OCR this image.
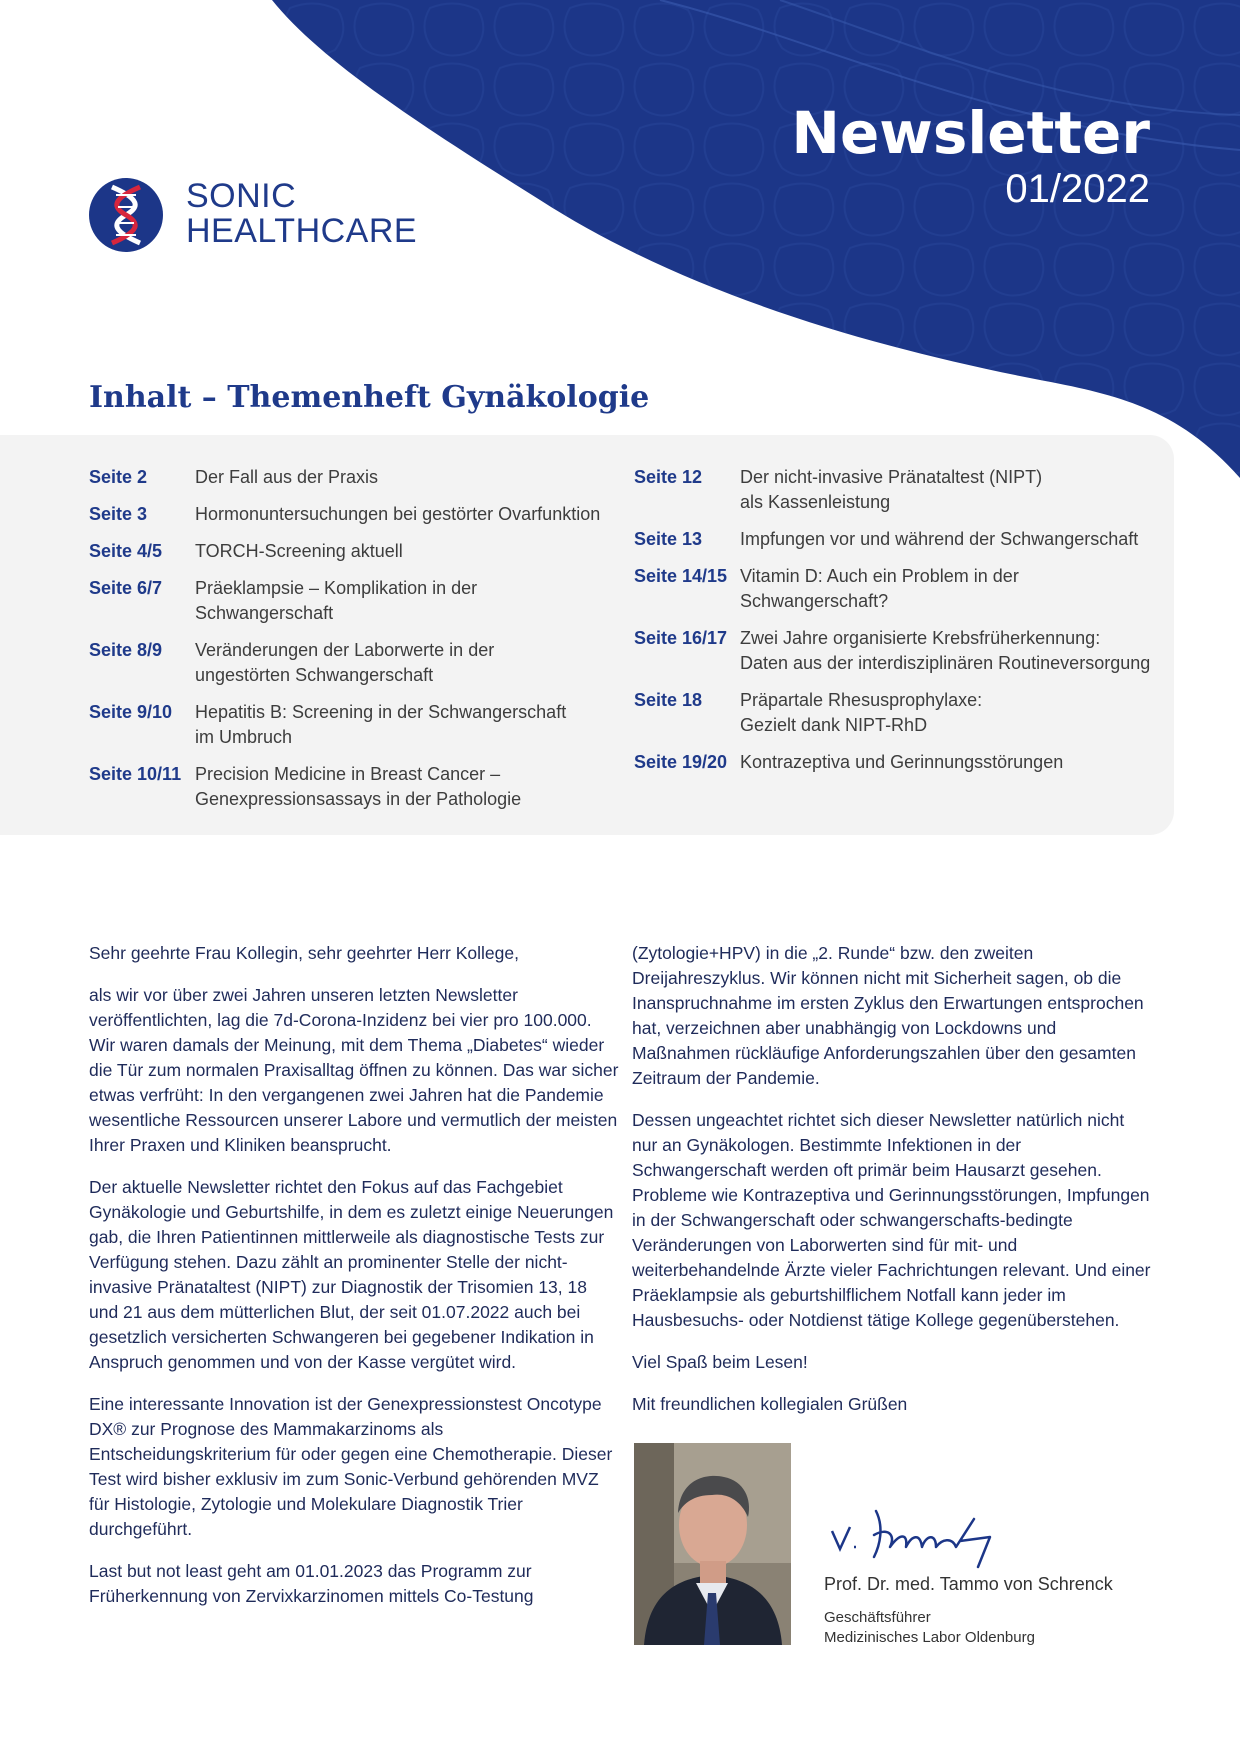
SONIC
HEALTHCARE
Newsletter
01/2022
Inhalt – Themenheft Gynäkologie
Seite 2	Der Fall aus der Praxis
Seite 3	Hormonuntersuchungen bei gestörter Ovarfunktion
Seite 4/5	TORCH-Screening aktuell
Seite 6/7	Präeklampsie – Komplikation in der
Schwangerschaft
Seite 8/9	Veränderungen der Laborwerte in der
ungestörten Schwangerschaft
Seite 9/10	Hepatitis B: Screening in der Schwangerschaft
im Umbruch
Seite 10/11 Precision Medicine in Breast Cancer –
Genexpressionsassays in der Pathologie
Seite 12	Der nicht-invasive Pränataltest (NIPT)
als Kassenleistung
Seite 13	Impfungen vor und während der Schwangerschaft
Seite 14/15 Vitamin D: Auch ein Problem in der
Schwangerschaft?
Seite 16/17 Zwei Jahre organisierte Krebsfrüherkennung:
Daten aus der interdisziplinären Routineversorgung
Seite 18	Präpartale Rhesusprophylaxe:
Gezielt dank NIPT-RhD
Seite 19/20 Kontrazeptiva und Gerinnungsstörungen

Sehr geehrte Frau Kollegin, sehr geehrter Herr Kollege,

als wir vor über zwei Jahren unseren letzten Newsletter veröffentlichten, lag die 7d-Corona-Inzidenz bei vier pro 100.000. Wir waren damals der Meinung, mit dem Thema „Diabetes“ wieder die Tür zum normalen Praxisalltag öffnen zu können. Das war sicher etwas verfrüht: In den vergangenen zwei Jahren hat die Pandemie wesentliche Ressourcen unserer Labore und vermutlich der meisten Ihrer Praxen und Kliniken beansprucht.

Der aktuelle Newsletter richtet den Fokus auf das Fachgebiet Gynäkologie und Geburtshilfe, in dem es zuletzt einige Neuerungen gab, die Ihren Patientinnen mittlerweile als diagnostische Tests zur Verfügung stehen. Dazu zählt an prominenter Stelle der nicht-invasive Pränataltest (NIPT) zur Diagnostik der Trisomien 13, 18 und 21 aus dem mütterlichen Blut, der seit 01.07.2022 auch bei gesetzlich versicherten Schwangeren bei gegebener Indikation in Anspruch genommen und von der Kasse vergütet wird.

Eine interessante Innovation ist der Genexpressionstest Oncotype DX® zur Prognose des Mammakarzinoms als Entscheidungskriterium für oder gegen eine Chemotherapie. Dieser Test wird bisher exklusiv im zum Sonic-Verbund gehörenden MVZ für Histologie, Zytologie und Molekulare Diagnostik Trier durchgeführt.

Last but not least geht am 01.01.2023 das Programm zur Früherkennung von Zervixkarzinomen mittels Co-Testung

(Zytologie+HPV) in die „2. Runde“ bzw. den zweiten Dreijahreszyklus. Wir können nicht mit Sicherheit sagen, ob die Inanspruchnahme im ersten Zyklus den Erwartungen entsprochen hat, verzeichnen aber unabhängig von Lockdowns und Maßnahmen rückläufige Anforderungszahlen über den gesamten Zeitraum der Pandemie.

Dessen ungeachtet richtet sich dieser Newsletter natürlich nicht nur an Gynäkologen. Bestimmte Infektionen in der Schwangerschaft werden oft primär beim Hausarzt gesehen. Probleme wie Kontrazeptiva und Gerinnungsstörungen, Impfungen in der Schwangerschaft oder schwangerschafts-bedingte Veränderungen von Laborwerten sind für mit- und weiterbehandelnde Ärzte vieler Fachrichtungen relevant. Und einer Präeklampsie als geburtshilflichem Notfall kann jeder im Hausbesuchs- oder Notdienst tätige Kollege gegenüberstehen.

Viel Spaß beim Lesen!

Mit freundlichen kollegialen Grüßen

Prof. Dr. med. Tammo von Schrenck
Geschäftsführer
Medizinisches Labor Oldenburg
